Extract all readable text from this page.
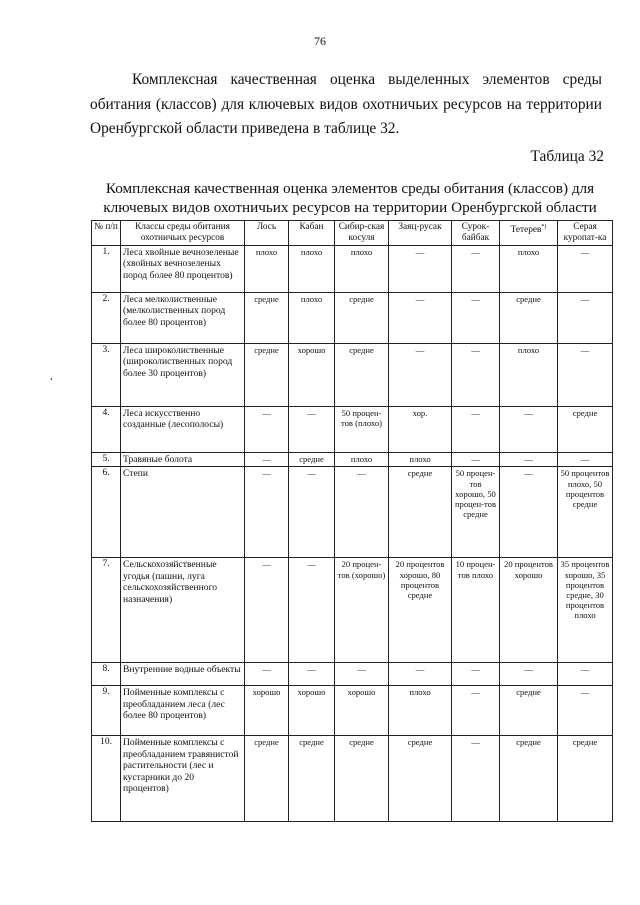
76
Комплексная качественная оценка выделенных элементов среды
обитания (классов) для ключевых видов охотничьих ресурсов на территории
Оренбургской области приведена в таблице 32.
Таблица 32
Комплексная качественная оценка элементов среды обитания (классов) для
ключевых видов охотничьих ресурсов на территории Оренбургской области
,
№ п/п	Классы среды обитания охотничьих ресурсов	Лось	Кабан	Сибир-ская косуля	Заяц-русак	Сурок-байбак	Тетерев*)	Серая куропат-ка
1.	Леса хвойные вечнозеленые (хвойных вечнозеленых пород более 80 процентов)	плохо	плохо	плохо	—	—	плохо	—
2.	Леса мелколиственные (мелколиственных пород более 80 процентов)	средне	плохо	средне	—	—	средне	—
3.	Леса широколиственные (широколиственных пород более 30 процентов)	средне	хорошо	средне	—	—	плохо	—
4.	Леса искусственно созданные (лесополосы)	—	—	50 процен-тов (плохо)	хор.	—	—	средне
5.	Травяные болота	—	средне	плохо	плохо	—	—	—
6.	Степи	—	—	—	средне	50 процен-тов хорошо, 50 процен-тов средне	—	50 процентов плохо, 50 процентов средне
7.	Сельскохозяйственные угодья (пашни, луга сельскохозяйственного назначения)	—	—	20 процен-тов (хорошо)	20 процентов хорошо, 80 процентов средне	10 процен-тов плохо	20 процентов хорошо	35 процентов хорошо, 35 процентов средне, 30 процентов плохо
8.	Внутренние водные объекты	—	—	—	—	—	—	—
9.	Пойменные комплексы с преобладанием леса (лес более 80 процентов)	хорошо	хорошо	хорошо	плохо	—	средне	—
10.	Пойменные комплексы с преобладанием травянистой растительности (лес и кустарники до 20 процентов)	средне	средне	средне	средне	—	средне	средне
